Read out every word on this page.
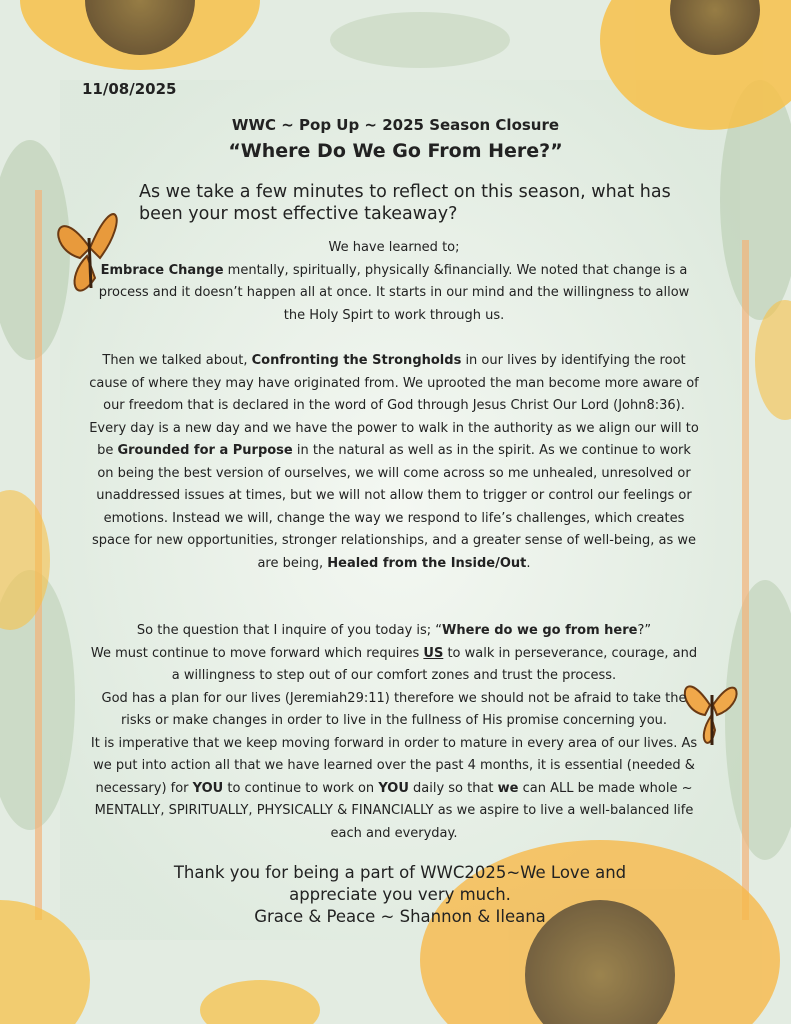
11/08/2025
WWC ~ Pop Up ~ 2025 Season Closure
“Where Do We Go From Here?”
As we take a few minutes to reflect on this season, what has been your most effective takeaway?
We have learned to;
Embrace Change mentally, spiritually, physically &financially. We noted that change is a process and it doesn’t happen all at once. It starts in our mind and the willingness to allow the Holy Spirt to work through us.
Then we talked about, Confronting the Strongholds in our lives by identifying the root cause of where they may have originated from. We uprooted the man become more aware of our freedom that is declared in the word of God through Jesus Christ Our Lord (John8:36).
Every day is a new day and we have the power to walk in the authority as we align our will to be Grounded for a Purpose in the natural as well as in the spirit. As we continue to work on being the best version of ourselves, we will come across so me unhealed, unresolved or unaddressed issues at times, but we will not allow them to trigger or control our feelings or emotions. Instead we will, change the way we respond to life’s challenges, which creates space for new opportunities, stronger relationships, and a greater sense of well-being, as we are being, Healed from the Inside/Out.
So the question that I inquire of you today is; “Where do we go from here?”
We must continue to move forward which requires US to walk in perseverance, courage, and a willingness to step out of our comfort zones and trust the process.
God has a plan for our lives (Jeremiah29:11) therefore we should not be afraid to take the risks or make changes in order to live in the fullness of His promise concerning you.
It is imperative that we keep moving forward in order to mature in every area of our lives. As we put into action all that we have learned over the past 4 months, it is essential (needed & necessary) for YOU to continue to work on YOU daily so that we can ALL be made whole ~ MENTALLY, SPIRITUALLY, PHYSICALLY & FINANCIALLY as we aspire to live a well-balanced life each and everyday.
Thank you for being a part of WWC2025~We Love and
appreciate you very much.
Grace & Peace ~ Shannon & Ileana
